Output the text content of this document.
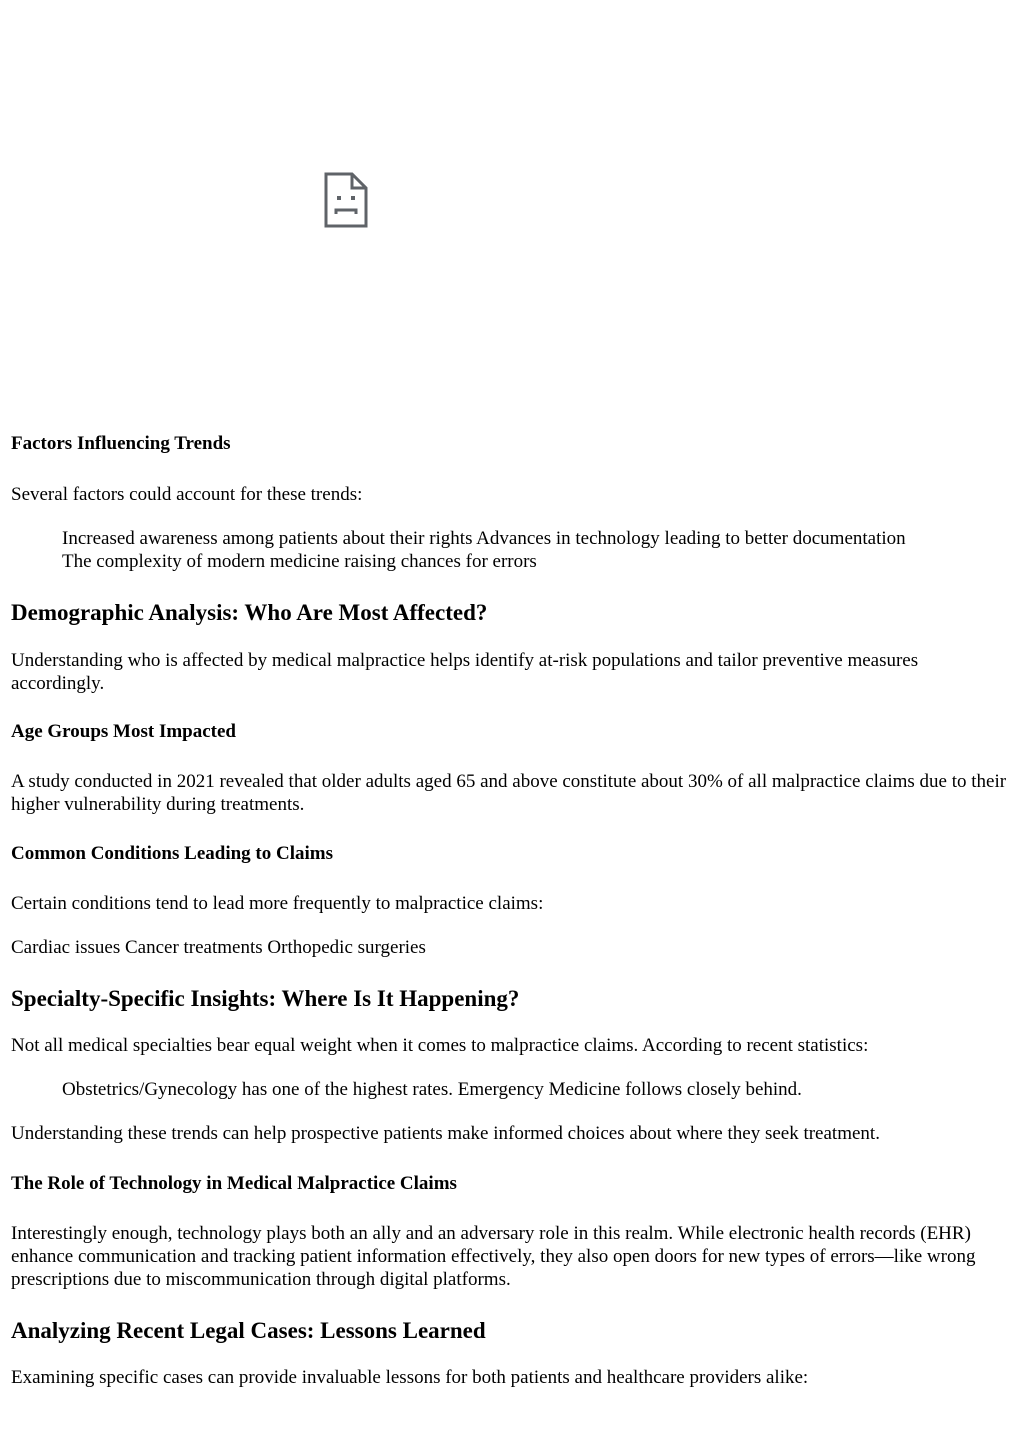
Factors Influencing Trends
Several factors could account for these trends:
Increased awareness among patients about their rights Advances in technology leading to better documentation
The complexity of modern medicine raising chances for errors
Demographic Analysis: Who Are Most Affected?
Understanding who is affected by medical malpractice helps identify at-risk populations and tailor preventive measures accordingly.
Age Groups Most Impacted
A study conducted in 2021 revealed that older adults aged 65 and above constitute about 30% of all malpractice claims due to their higher vulnerability during treatments.
Common Conditions Leading to Claims
Certain conditions tend to lead more frequently to malpractice claims:
Cardiac issues Cancer treatments Orthopedic surgeries
Specialty-Specific Insights: Where Is It Happening?
Not all medical specialties bear equal weight when it comes to malpractice claims. According to recent statistics:
Obstetrics/Gynecology has one of the highest rates. Emergency Medicine follows closely behind.
Understanding these trends can help prospective patients make informed choices about where they seek treatment.
The Role of Technology in Medical Malpractice Claims
Interestingly enough, technology plays both an ally and an adversary role in this realm. While electronic health records (EHR) enhance communication and tracking patient information effectively, they also open doors for new types of errors—like wrong prescriptions due to miscommunication through digital platforms.
Analyzing Recent Legal Cases: Lessons Learned
Examining specific cases can provide invaluable lessons for both patients and healthcare providers alike:
